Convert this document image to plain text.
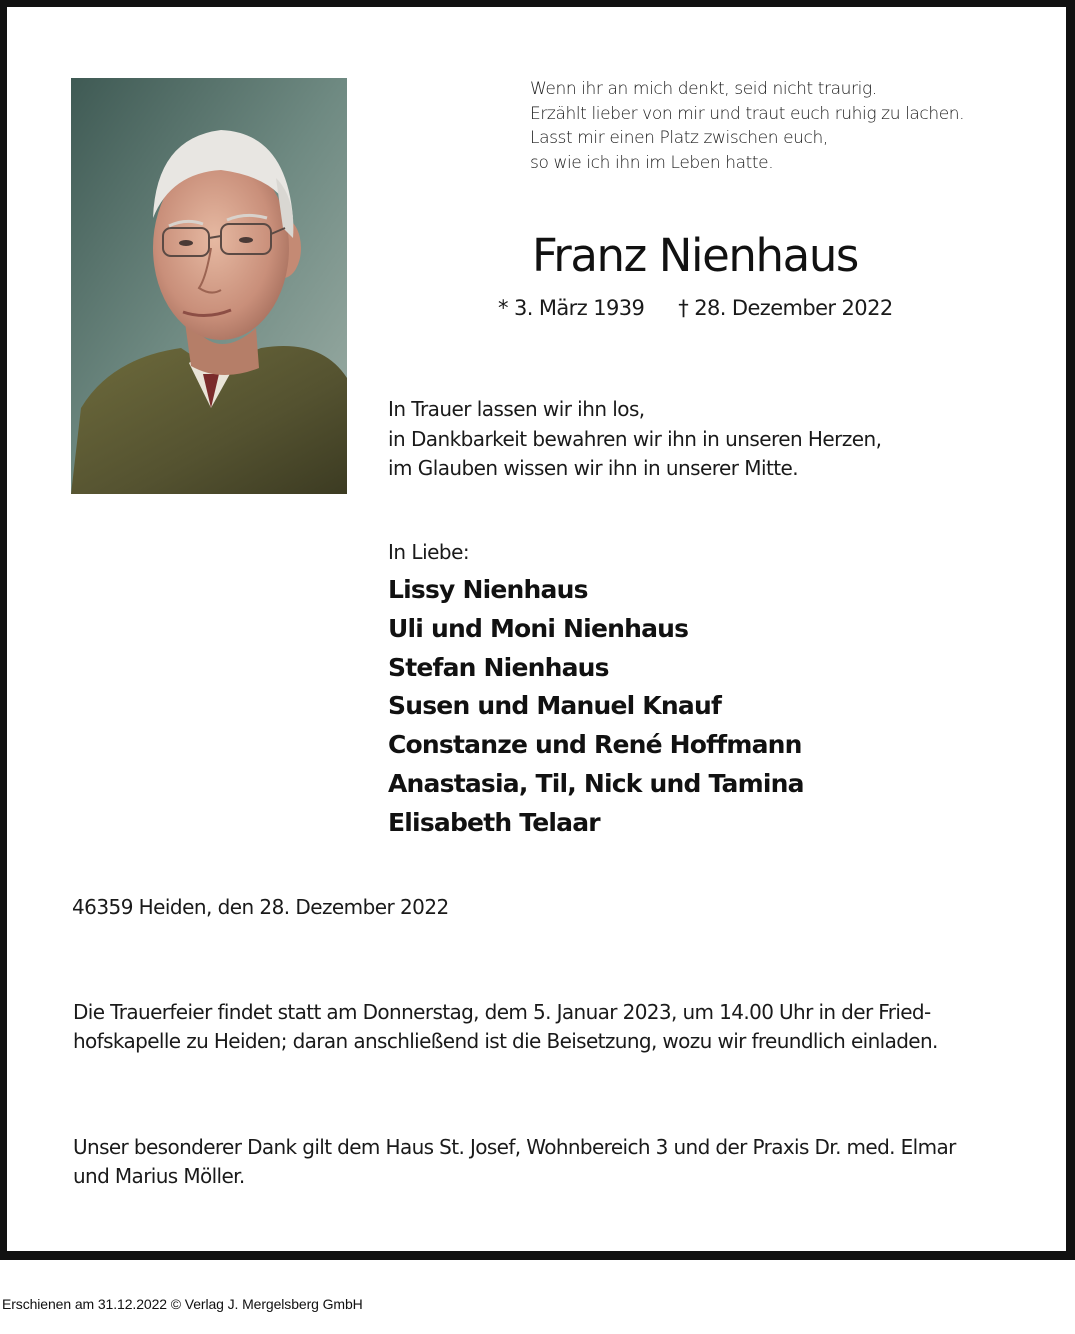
Wenn ihr an mich denkt, seid nicht traurig.
Erzählt lieber von mir und traut euch ruhig zu lachen.
Lasst mir einen Platz zwischen euch,
so wie ich ihn im Leben hatte.
Franz Nienhaus
* 3. März 1939 † 28. Dezember 2022
In Trauer lassen wir ihn los,
in Dankbarkeit bewahren wir ihn in unseren Herzen,
im Glauben wissen wir ihn in unserer Mitte.
In Liebe:
Lissy Nienhaus
Uli und Moni Nienhaus
Stefan Nienhaus
Susen und Manuel Knauf
Constanze und René Hoffmann
Anastasia, Til, Nick und Tamina
Elisabeth Telaar
46359 Heiden, den 28. Dezember 2022
Die Trauerfeier findet statt am Donnerstag, dem 5. Januar 2023, um 14.00 Uhr in der Fried-
hofskapelle zu Heiden; daran anschließend ist die Beisetzung, wozu wir freundlich einladen.
Unser besonderer Dank gilt dem Haus St. Josef, Wohnbereich 3 und der Praxis Dr. med. Elmar
und Marius Möller.
Erschienen am 31.12.2022 © Verlag J. Mergelsberg GmbH
